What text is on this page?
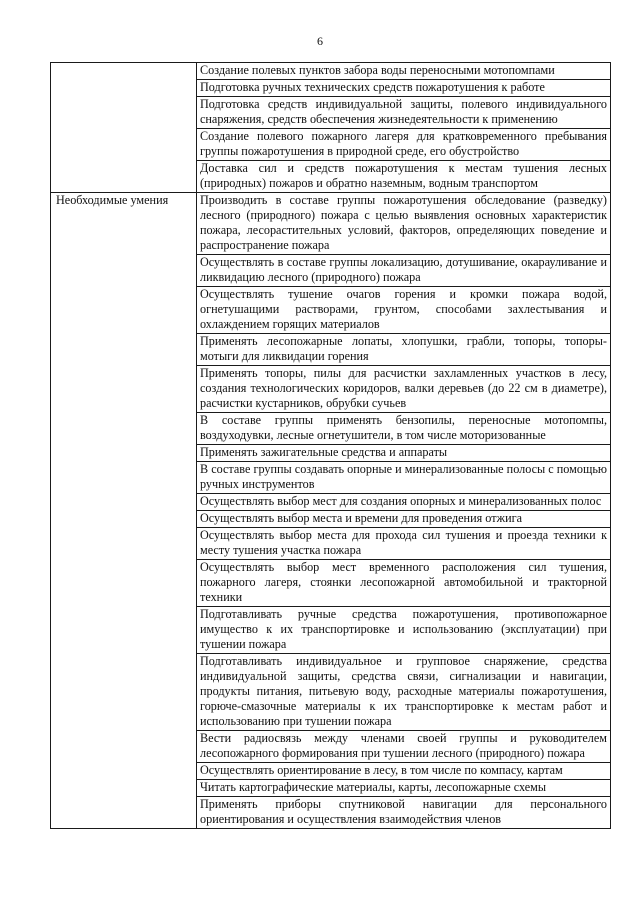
6
	Создание полевых пунктов забора воды переносными мотопомпами
	Подготовка ручных технических средств пожаротушения к работе
	Подготовка средств индивидуальной защиты, полевого индивидуального снаряжения, средств обеспечения жизнедеятельности к применению
	Создание полевого пожарного лагеря для кратковременного пребывания группы пожаротушения в природной среде, его обустройство
	Доставка сил и средств пожаротушения к местам тушения лесных (природных) пожаров и обратно наземным, водным транспортом

Необходимые умения	Производить в составе группы пожаротушения обследование (разведку) лесного (природного) пожара с целью выявления основных характеристик пожара, лесорастительных условий, факторов, определяющих поведение и распространение пожара
	Осуществлять в составе группы локализацию, дотушивание, окарауливание и ликвидацию лесного (природного) пожара
	Осуществлять тушение очагов горения и кромки пожара водой, огнетушащими растворами, грунтом, способами захлестывания и охлаждением горящих материалов
	Применять лесопожарные лопаты, хлопушки, грабли, топоры, топоры-мотыги для ликвидации горения
	Применять топоры, пилы для расчистки захламленных участков в лесу, создания технологических коридоров, валки деревьев (до 22 см в диаметре), расчистки кустарников, обрубки сучьев
	В составе группы применять бензопилы, переносные мотопомпы, воздуходувки, лесные огнетушители, в том числе моторизованные
	Применять зажигательные средства и аппараты
	В составе группы создавать опорные и минерализованные полосы с помощью ручных инструментов
	Осуществлять выбор мест для создания опорных и минерализованных полос
	Осуществлять выбор места и времени для проведения отжига
	Осуществлять выбор места для прохода сил тушения и проезда техники к месту тушения участка пожара
	Осуществлять выбор мест временного расположения сил тушения, пожарного лагеря, стоянки лесопожарной автомобильной и тракторной техники
	Подготавливать ручные средства пожаротушения, противопожарное имущество к их транспортировке и использованию (эксплуатации) при тушении пожара
	Подготавливать индивидуальное и групповое снаряжение, средства индивидуальной защиты, средства связи, сигнализации и навигации, продукты питания, питьевую воду, расходные материалы пожаротушения, горюче-смазочные материалы к их транспортировке к местам работ и использованию при тушении пожара
	Вести радиосвязь между членами своей группы и руководителем лесопожарного формирования при тушении лесного (природного) пожара
	Осуществлять ориентирование в лесу, в том числе по компасу, картам
	Читать картографические материалы, карты, лесопожарные схемы
	Применять приборы спутниковой навигации для персонального ориентирования и осуществления взаимодействия членов
